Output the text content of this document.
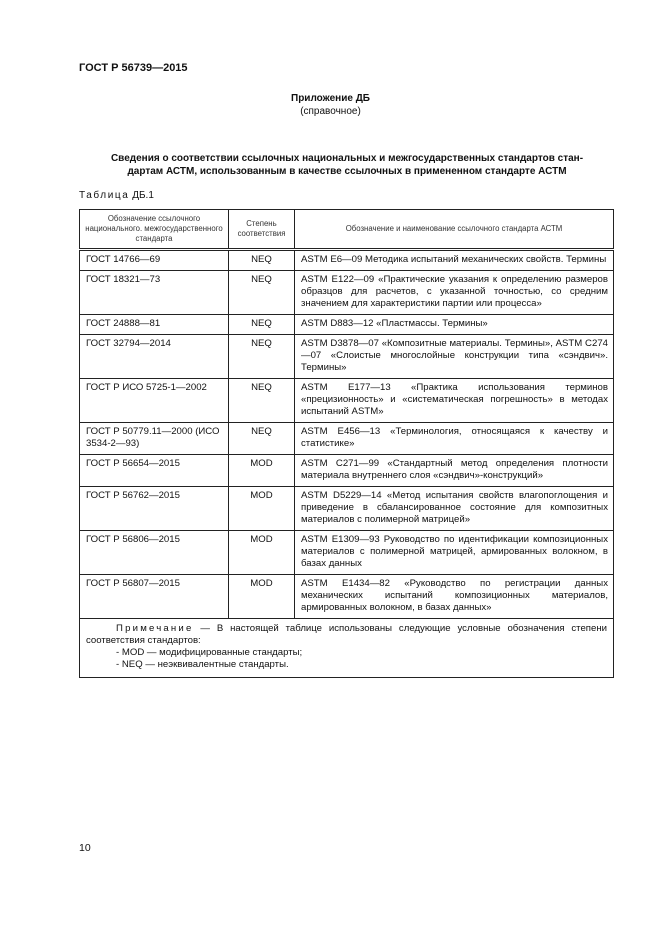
ГОСТ Р 56739—2015
Приложение ДБ
(справочное)
Сведения о соответствии ссылочных национальных и межгосударственных стандартов стан-
дартам АСТМ, использованным в качестве ссылочных в примененном стандарте АСТМ
Таблица ДБ.1
Обозначение ссылочного национального. межгосударственного стандарта	Степень соответствия	Обозначение и наименование ссылочного стандарта АСТМ
ГОСТ 14766—69	NEQ	ASTM E6—09 Методика испытаний механических свойств. Термины
ГОСТ 18321—73	NEQ	ASTM E122—09 «Практические указания к определению размеров образцов для расчетов, с указанной точностью, со средним значением для характеристики партии или процесса»
ГОСТ 24888—81	NEQ	ASTM D883—12 «Пластмассы. Термины»
ГОСТ 32794—2014	NEQ	ASTM D3878—07 «Композитные материалы. Термины», ASTM C274—07 «Слоистые многослойные конструкции типа «сэндвич». Термины»
ГОСТ Р ИСО 5725-1—2002	NEQ	ASTM E177—13 «Практика использования терминов «прецизионность» и «систематическая погрешность» в методах испытаний ASTM»
ГОСТ Р 50779.11—2000 (ИСО 3534-2—93)	NEQ	ASTM E456—13 «Терминология, относящаяся к качеству и статистике»
ГОСТ Р 56654—2015	MOD	ASTM C271—99 «Стандартный метод определения плотности материала внутреннего слоя «сэндвич»-конструкций»
ГОСТ Р 56762—2015	MOD	ASTM D5229—14 «Метод испытания свойств влагопоглощения и приведение в сбалансированное состояние для композитных материалов с полимерной матрицей»
ГОСТ Р 56806—2015	MOD	ASTM E1309—93 Руководство по идентификации композиционных материалов с полимерной матрицей, армированных волокном, в базах данных
ГОСТ Р 56807—2015	MOD	ASTM E1434—82 «Руководство по регистрации данных механических испытаний композиционных материалов, армированных волокном, в базах данных»

Примечание — В настоящей таблице использованы следующие условные обозначения степени соответствия стандартов:
- MOD — модифицированные стандарты;
- NEQ — неэквивалентные стандарты.		
10
